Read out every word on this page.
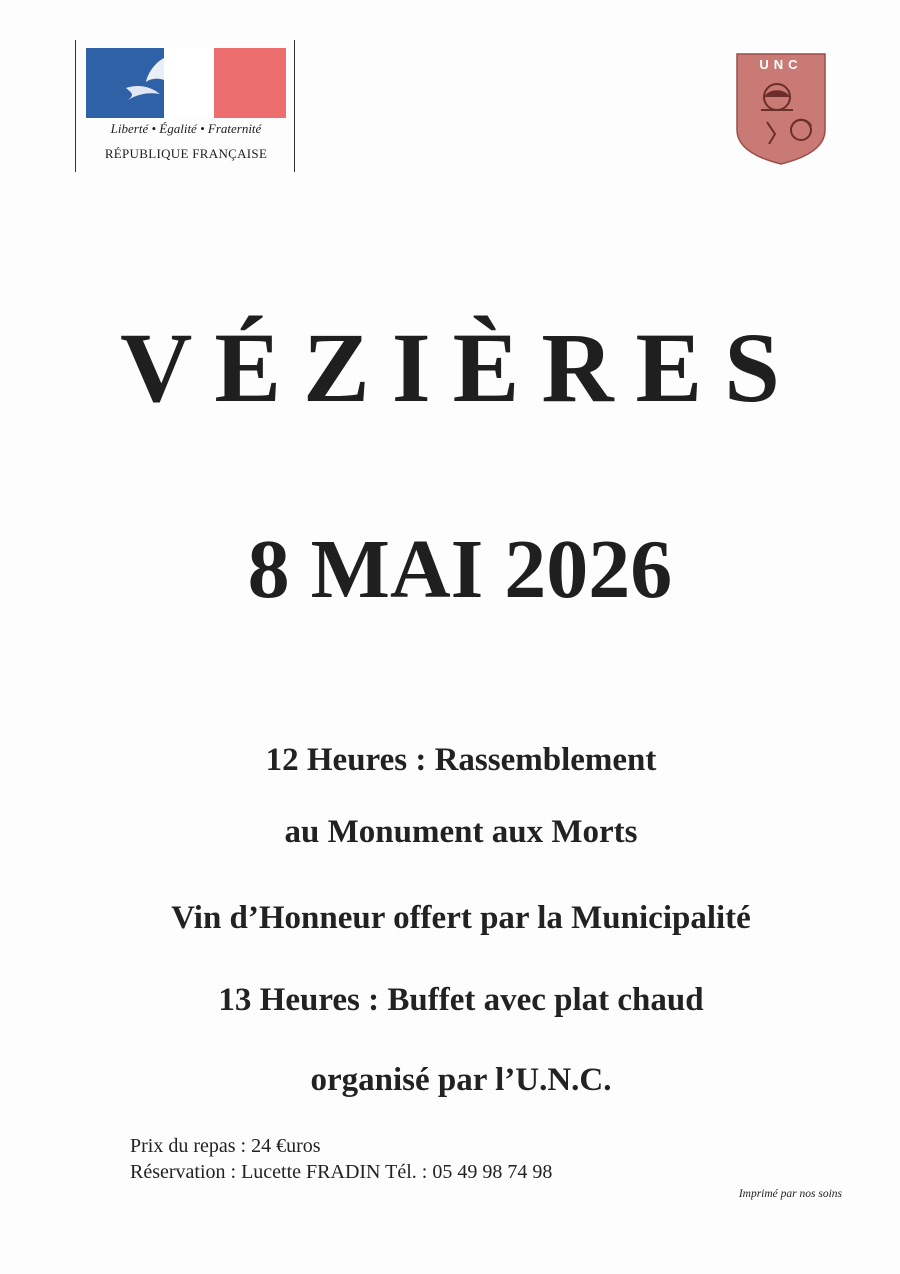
Liberté • Égalité • Fraternité
RÉPUBLIQUE FRANÇAISE
UNC
VÉZIÈRES
8 MAI 2026
12 Heures : Rassemblement
au Monument aux Morts
Vin d’Honneur offert par la Municipalité
13 Heures : Buffet avec plat chaud
organisé par l’U.N.C.
Prix du repas : 24 €uros
Réservation : Lucette FRADIN Tél. : 05 49 98 74 98
Imprimé par nos soins
